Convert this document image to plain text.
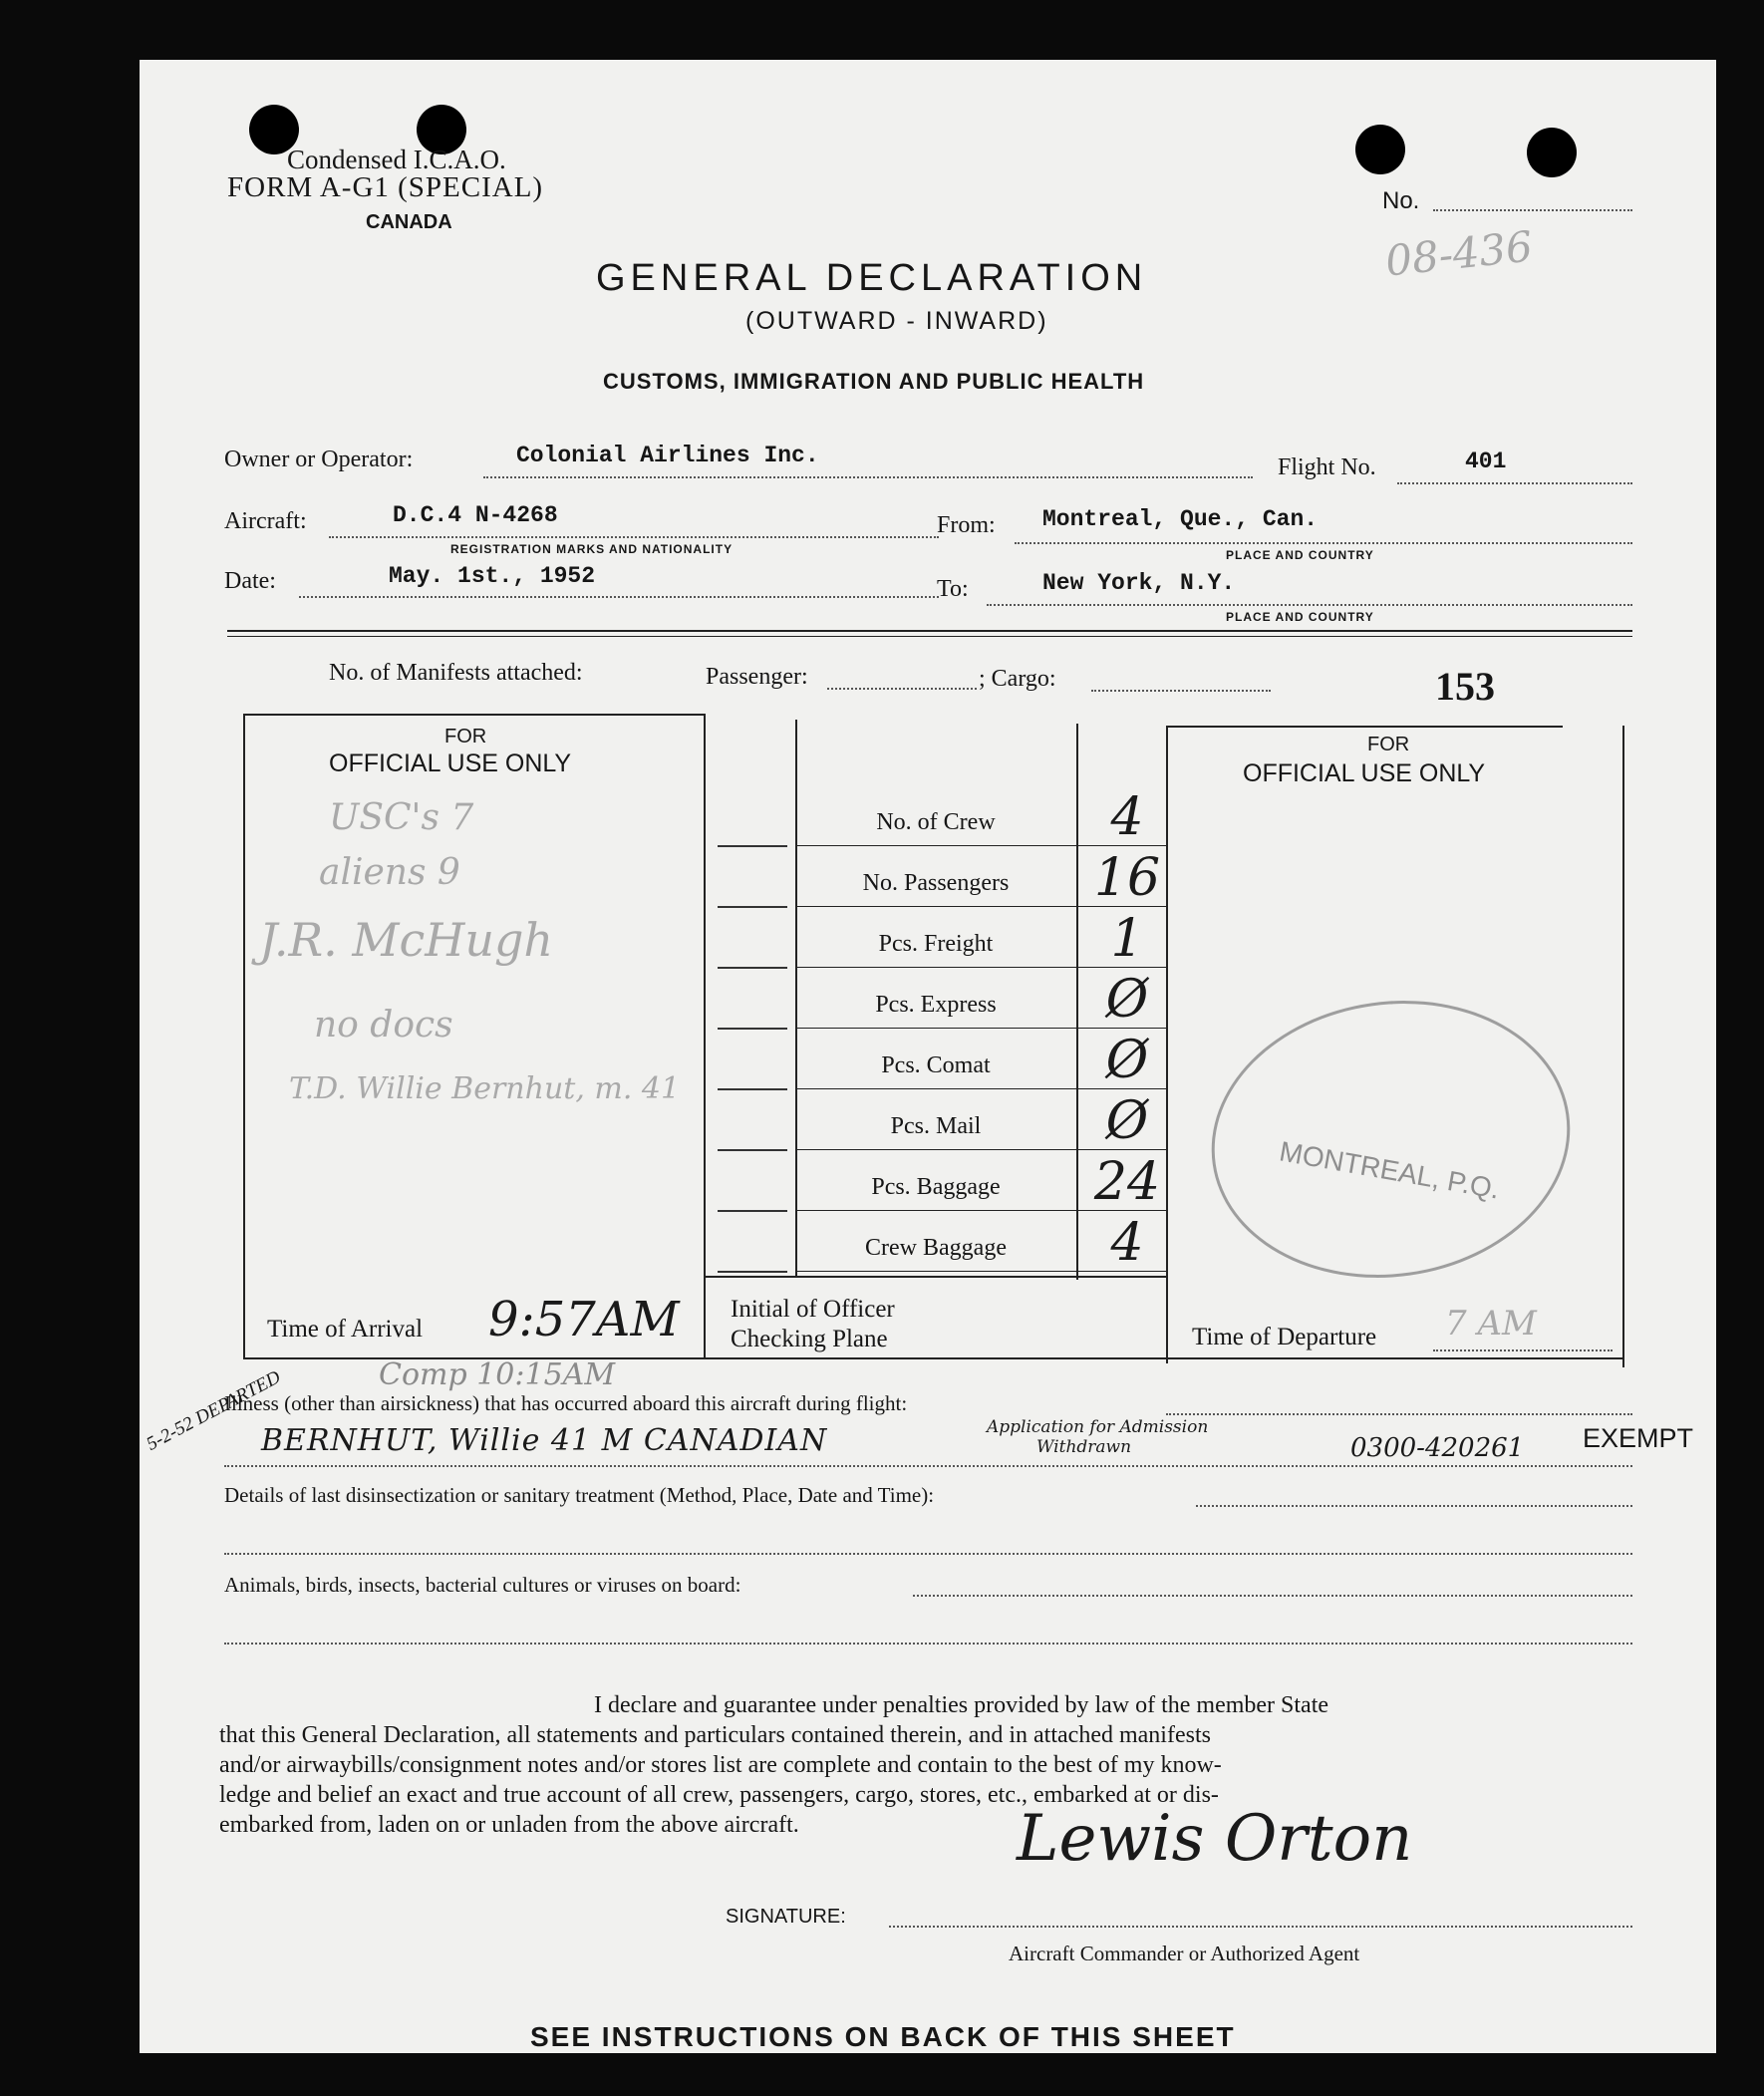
Condensed I.C.A.O.
FORM A-G1 (SPECIAL)
CANADA
No.
08-436
GENERAL DECLARATION
(OUTWARD - INWARD)
CUSTOMS, IMMIGRATION AND PUBLIC HEALTH
Owner or Operator:	Colonial Airlines Inc.	Flight No.	401
Aircraft:	D.C.4 N-4268
REGISTRATION MARKS AND NATIONALITY
From: Montreal, Que., Can.
PLACE AND COUNTRY
Date:	May. 1st., 1952	To:	New York, N.Y.
PLACE AND COUNTRY
No. of Manifests attached:	Passenger:	; Cargo:	153
FOR
OFFICIAL USE ONLY
USC's 7
aliens 9
J.R. McHugh
no docs
T.D. Willie Bernhut, m. 41
Time of Arrival 9:57AM
Comp 10:15AM
No. of Crew	4
No. Passengers	16
Pcs. Freight	1
Pcs. Express	Ø
Pcs. Comat	Ø
Pcs. Mail	Ø
Pcs. Baggage	24
Crew Baggage	4
Initial of Officer
Checking Plane
FOR
OFFICIAL USE ONLY
MONTREAL, P.Q.
Time of Departure 7 AM
5-2-52 DEPARTED
Illness (other than airsickness) that has occurred aboard this aircraft during flight:
BERNHUT, Willie 41 M CANADIAN	Application for Admission
Withdrawn	0300-420261 EXEMPT
Details of last disinsectization or sanitary treatment (Method, Place, Date and Time):
Animals, birds, insects, bacterial cultures or viruses on board:
I declare and guarantee under penalties provided by law of the member State
that this General Declaration, all statements and particulars contained therein, and in attached manifests
and/or airwaybills/consignment notes and/or stores list are complete and contain to the best of my know-
ledge and belief an exact and true account of all crew, passengers, cargo, stores, etc., embarked at or dis-
embarked from, laden on or unladen from the above aircraft.	Lewis Orton
SIGNATURE:
Aircraft Commander or Authorized Agent
SEE INSTRUCTIONS ON BACK OF THIS SHEET
